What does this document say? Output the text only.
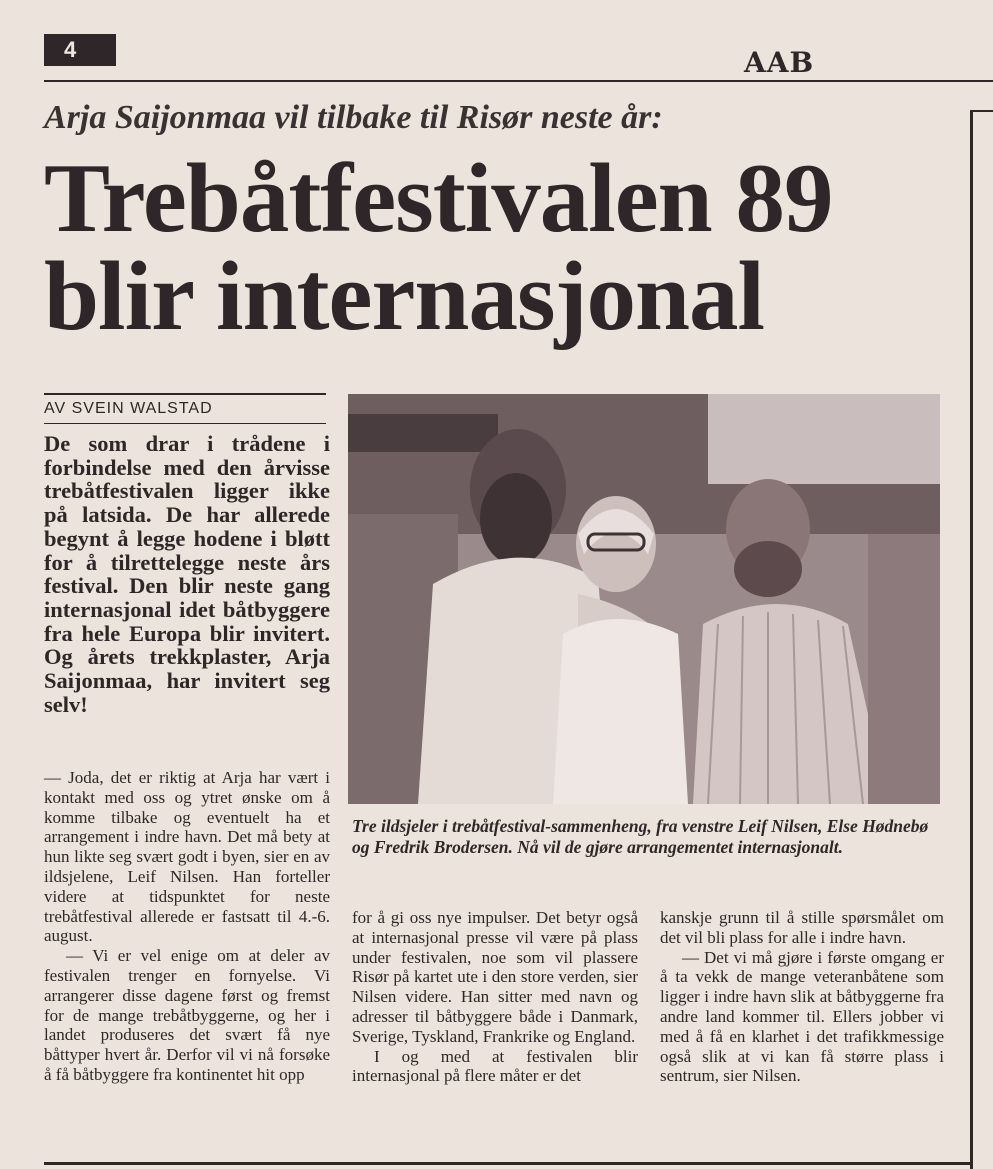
4	AAB
Arja Saijonmaa vil tilbake til Risør neste år:
Trebåtfestivalen 89
blir internasjonal
AV SVEIN WALSTAD
De som drar i trådene i forbindelse med den årvisse trebåtfestivalen ligger ikke på latsida. De har allerede begynt å legge hodene i bløtt for å tilrettelegge neste års festival. Den blir neste gang internasjonal idet båtbyggere fra hele Europa blir invitert. Og årets trekkplaster, Arja Saijonmaa, har invitert seg selv!
Tre ildsjeler i trebåtfestival-sammenheng, fra venstre Leif Nilsen, Else Hødnebø og Fredrik Brodersen. Nå vil de gjøre arrangementet internasjonalt.

— Joda, det er riktig at Arja har vært i kontakt med oss og ytret ønske om å komme tilbake og eventuelt ha et arrangement i indre havn. Det må bety at hun likte seg svært godt i byen, sier en av ildsjelene, Leif Nilsen. Han forteller videre at tidspunktet for neste trebåtfestival allerede er fastsatt til 4.-6. august.

— Vi er vel enige om at deler av festivalen trenger en fornyelse. Vi arrangerer disse dagene først og fremst for de mange trebåtbyggerne, og her i landet produseres det svært få nye båttyper hvert år. Derfor vil vi nå forsøke å få båtbyggere fra kontinentet hit opp

for å gi oss nye impulser. Det betyr også at internasjonal presse vil være på plass under festivalen, noe som vil plassere Risør på kartet ute i den store verden, sier Nilsen videre. Han sitter med navn og adresser til båtbyggere både i Danmark, Sverige, Tyskland, Frankrike og England.

I og med at festivalen blir internasjonal på flere måter er det

kanskje grunn til å stille spørsmålet om det vil bli plass for alle i indre havn.

— Det vi må gjøre i første omgang er å ta vekk de mange veteranbåtene som ligger i indre havn slik at båtbyggerne fra andre land kommer til. Ellers jobber vi med å få en klarhet i det trafikkmessige også slik at vi kan få større plass i sentrum, sier Nilsen.
